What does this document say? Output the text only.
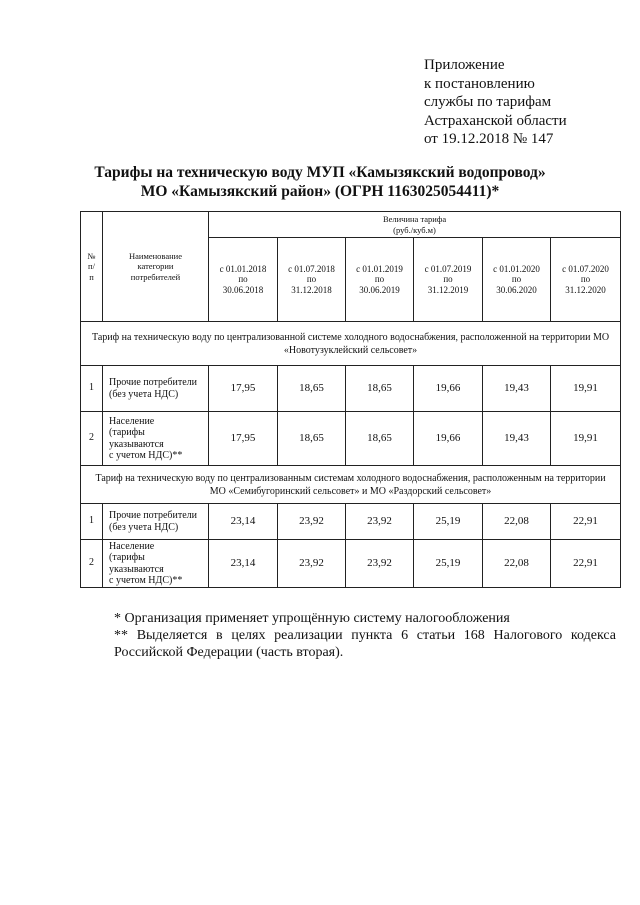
Приложение
к постановлению
службы по тарифам
Астраханской области
от 19.12.2018 № 147
Тарифы на техническую воду МУП «Камызякский водопровод»
МО «Камызякский район» (ОГРН 1163025054411)*
№
п/
п	Наименование
категории
потребителей	Величина тарифа
(руб./куб.м)					
		с 01.01.2018
по
30.06.2018	с 01.07.2018
по
31.12.2018	с 01.01.2019
по
30.06.2019	с 01.07.2019
по
31.12.2019	с 01.01.2020
по
30.06.2020	с 01.07.2020
по
31.12.2020
Тариф на техническую воду по централизованной системе холодного водоснабжения, расположенной на территории МО «Новотузуклейский сельсовет»							
1	Прочие потребители
(без учета НДС)	17,95	18,65	18,65	19,66	19,43	19,91
2	Население
(тарифы
указываются
с учетом НДС)**	17,95	18,65	18,65	19,66	19,43	19,91
Тариф на техническую воду по централизованным системам холодного водоснабжения, расположенным на территории МО «Семибугоринский сельсовет» и МО «Раздорский сельсовет»							
1	Прочие потребители
(без учета НДС)	23,14	23,92	23,92	25,19	22,08	22,91
2	Население
(тарифы
указываются
с учетом НДС)**	23,14	23,92	23,92	25,19	22,08	22,91
* Организация применяет упрощённую систему налогообложения
** Выделяется в целях реализации пункта 6 статьи 168 Налогового кодекса Российской Федерации (часть вторая).
